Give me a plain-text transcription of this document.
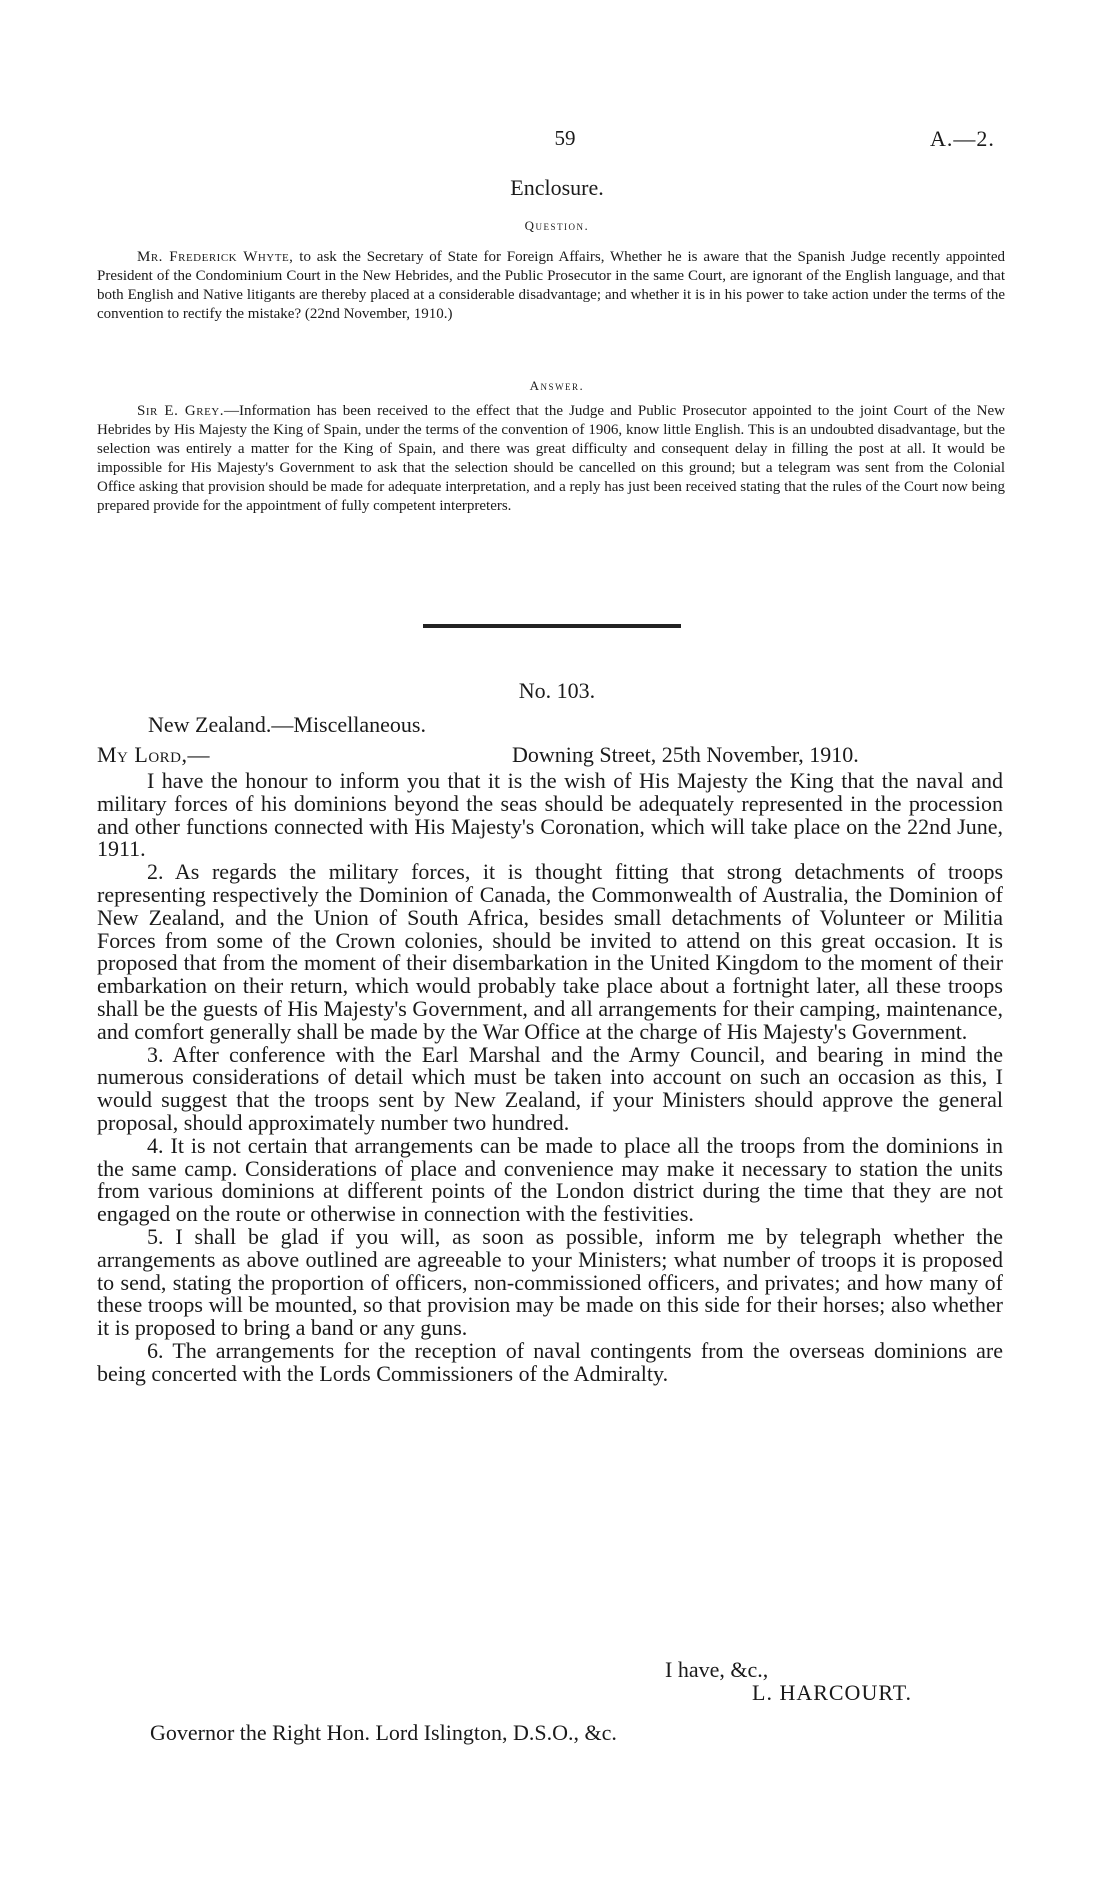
59	A.—2.
Enclosure.
Question.

Mr. Frederick Whyte, to ask the Secretary of State for Foreign Affairs, Whether he is aware that the Spanish Judge recently appointed President of the Condominium Court in the New Hebrides, and the Public Prosecutor in the same Court, are ignorant of the English language, and that both English and Native litigants are thereby placed at a considerable disadvantage; and whether it is in his power to take action under the terms of the convention to rectify the mistake? (22nd November, 1910.)

Answer.

Sir E. Grey.—Information has been received to the effect that the Judge and Public Prosecutor appointed to the joint Court of the New Hebrides by His Majesty the King of Spain, under the terms of the convention of 1906, know little English. This is an undoubted disadvantage, but the selection was entirely a matter for the King of Spain, and there was great difficulty and consequent delay in filling the post at all. It would be impossible for His Majesty's Government to ask that the selection should be cancelled on this ground; but a telegram was sent from the Colonial Office asking that provision should be made for adequate interpretation, and a reply has just been received stating that the rules of the Court now being prepared provide for the appointment of fully competent interpreters.

No. 103.
New Zealand.—Miscellaneous.
My Lord,—	Downing Street, 25th November, 1910.

I have the honour to inform you that it is the wish of His Majesty the King that the naval and military forces of his dominions beyond the seas should be adequately represented in the procession and other functions connected with His Majesty's Coronation, which will take place on the 22nd June, 1911.

2. As regards the military forces, it is thought fitting that strong detachments of troops representing respectively the Dominion of Canada, the Commonwealth of Australia, the Dominion of New Zealand, and the Union of South Africa, besides small detachments of Volunteer or Militia Forces from some of the Crown colonies, should be invited to attend on this great occasion. It is proposed that from the moment of their disembarkation in the United Kingdom to the moment of their embarkation on their return, which would probably take place about a fortnight later, all these troops shall be the guests of His Majesty's Government, and all arrangements for their camping, maintenance, and comfort generally shall be made by the War Office at the charge of His Majesty's Government.

3. After conference with the Earl Marshal and the Army Council, and bearing in mind the numerous considerations of detail which must be taken into account on such an occasion as this, I would suggest that the troops sent by New Zealand, if your Ministers should approve the general proposal, should approximately number two hundred.

4. It is not certain that arrangements can be made to place all the troops from the dominions in the same camp. Considerations of place and convenience may make it necessary to station the units from various dominions at different points of the London district during the time that they are not engaged on the route or otherwise in connection with the festivities.

5. I shall be glad if you will, as soon as possible, inform me by telegraph whether the arrangements as above outlined are agreeable to your Ministers; what number of troops it is proposed to send, stating the proportion of officers, non-commissioned officers, and privates; and how many of these troops will be mounted, so that provision may be made on this side for their horses; also whether it is proposed to bring a band or any guns.

6. The arrangements for the reception of naval contingents from the overseas dominions are being concerted with the Lords Commissioners of the Admiralty.

I have, &c.,
L. HARCOURT.
Governor the Right Hon. Lord Islington, D.S.O., &c.
